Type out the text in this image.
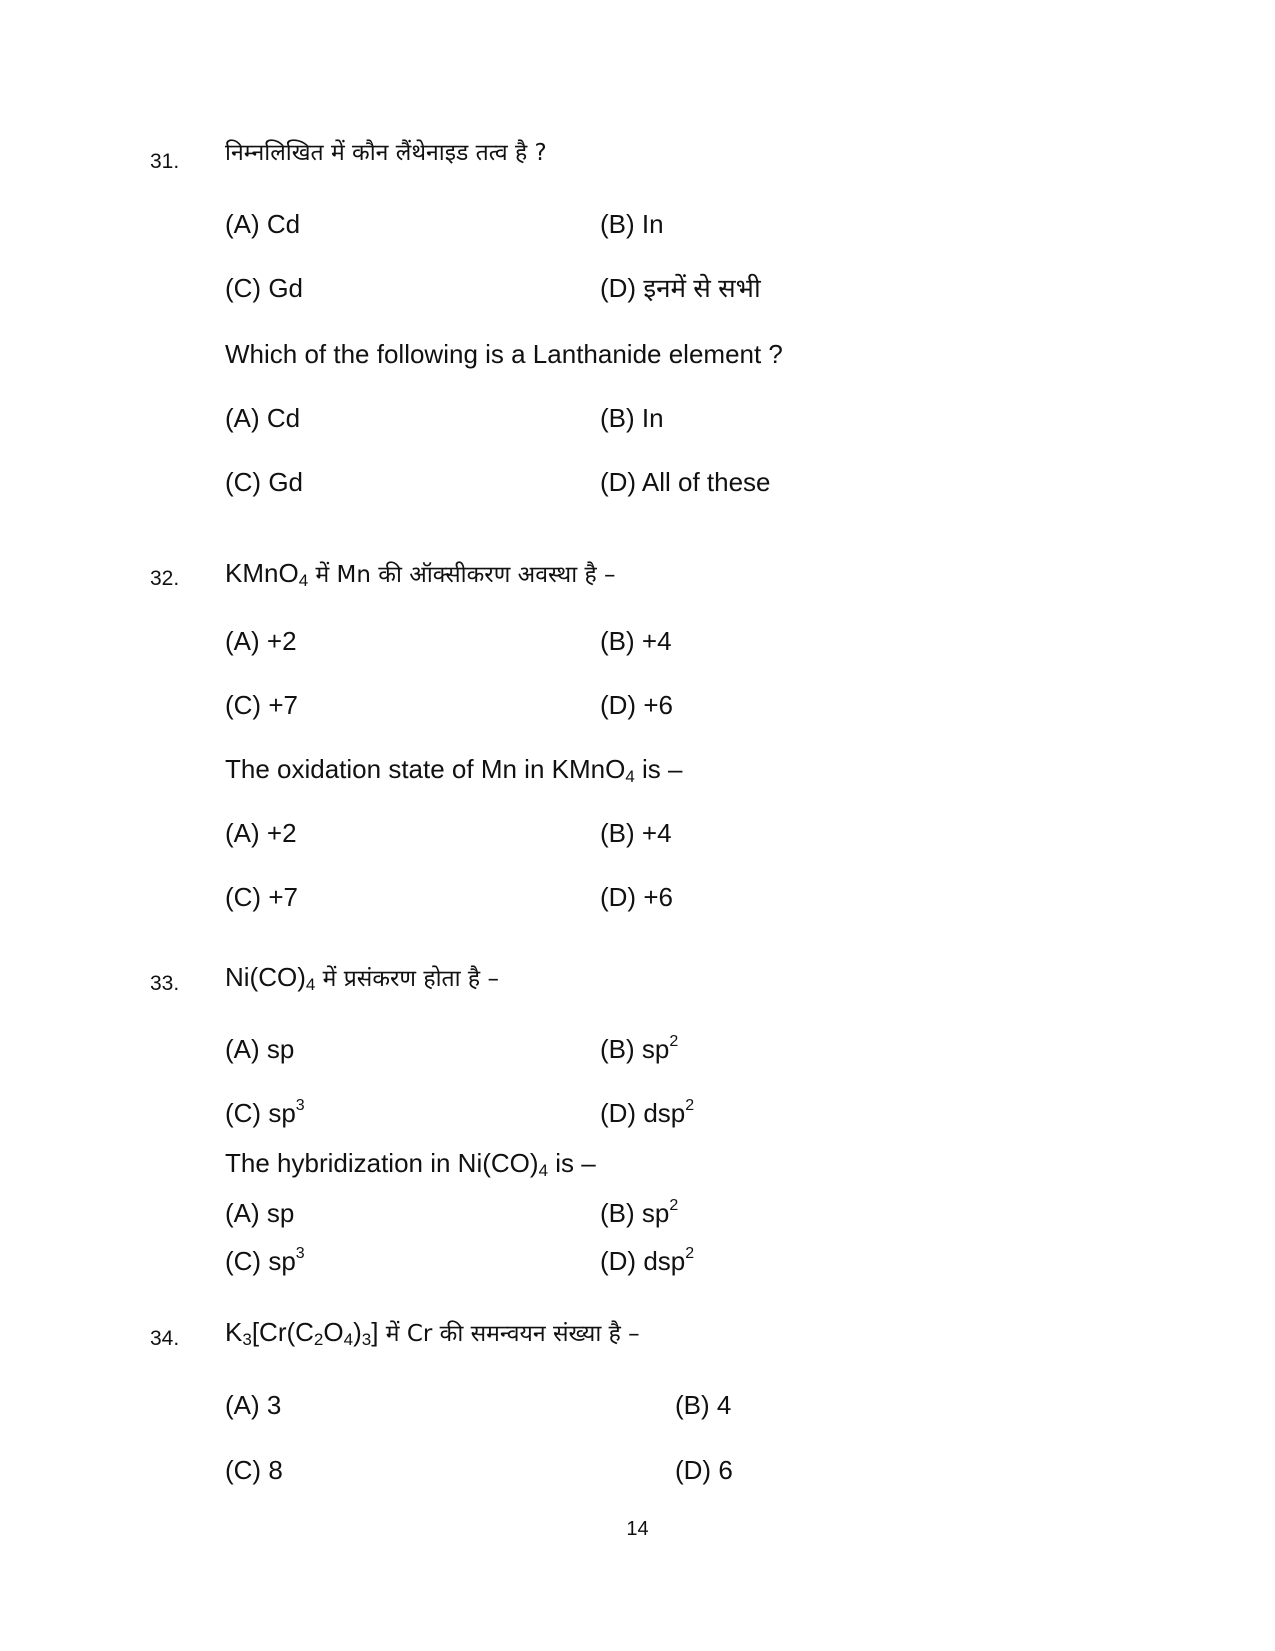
31. निम्नलिखित में कौन लैंथेनाइड तत्व है ?
(A) Cd	(B) In
(C) Gd	(D) इनमें से सभी
Which of the following is a Lanthanide element ?
(A) Cd	(B) In
(C) Gd	(D) All of these
32. KMnO$_4$ में Mn की ऑक्सीकरण अवस्था है –
(A) +2	(B) +4
(C) +7	(D) +6
The oxidation state of Mn in KMnO$_4$ is –
(A) +2	(B) +4
(C) +7	(D) +6
33. $Ni(CO)_4$ में प्रसंकरण होता है –
(A) sp	(B) $sp^2$
(C) $sp^3$	(D) dsp$^2$
The hybridization in $Ni(CO)_4$ is –
(A) sp	(B) $sp^2$
(C) $sp^3$	(D) dsp$^2$
34. $K_3[Cr(C_2O_4)_3]$ में Cr की समन्वयन संख्या है –
(A) 3	(B) 4
(C) 8	(D) 6
14
